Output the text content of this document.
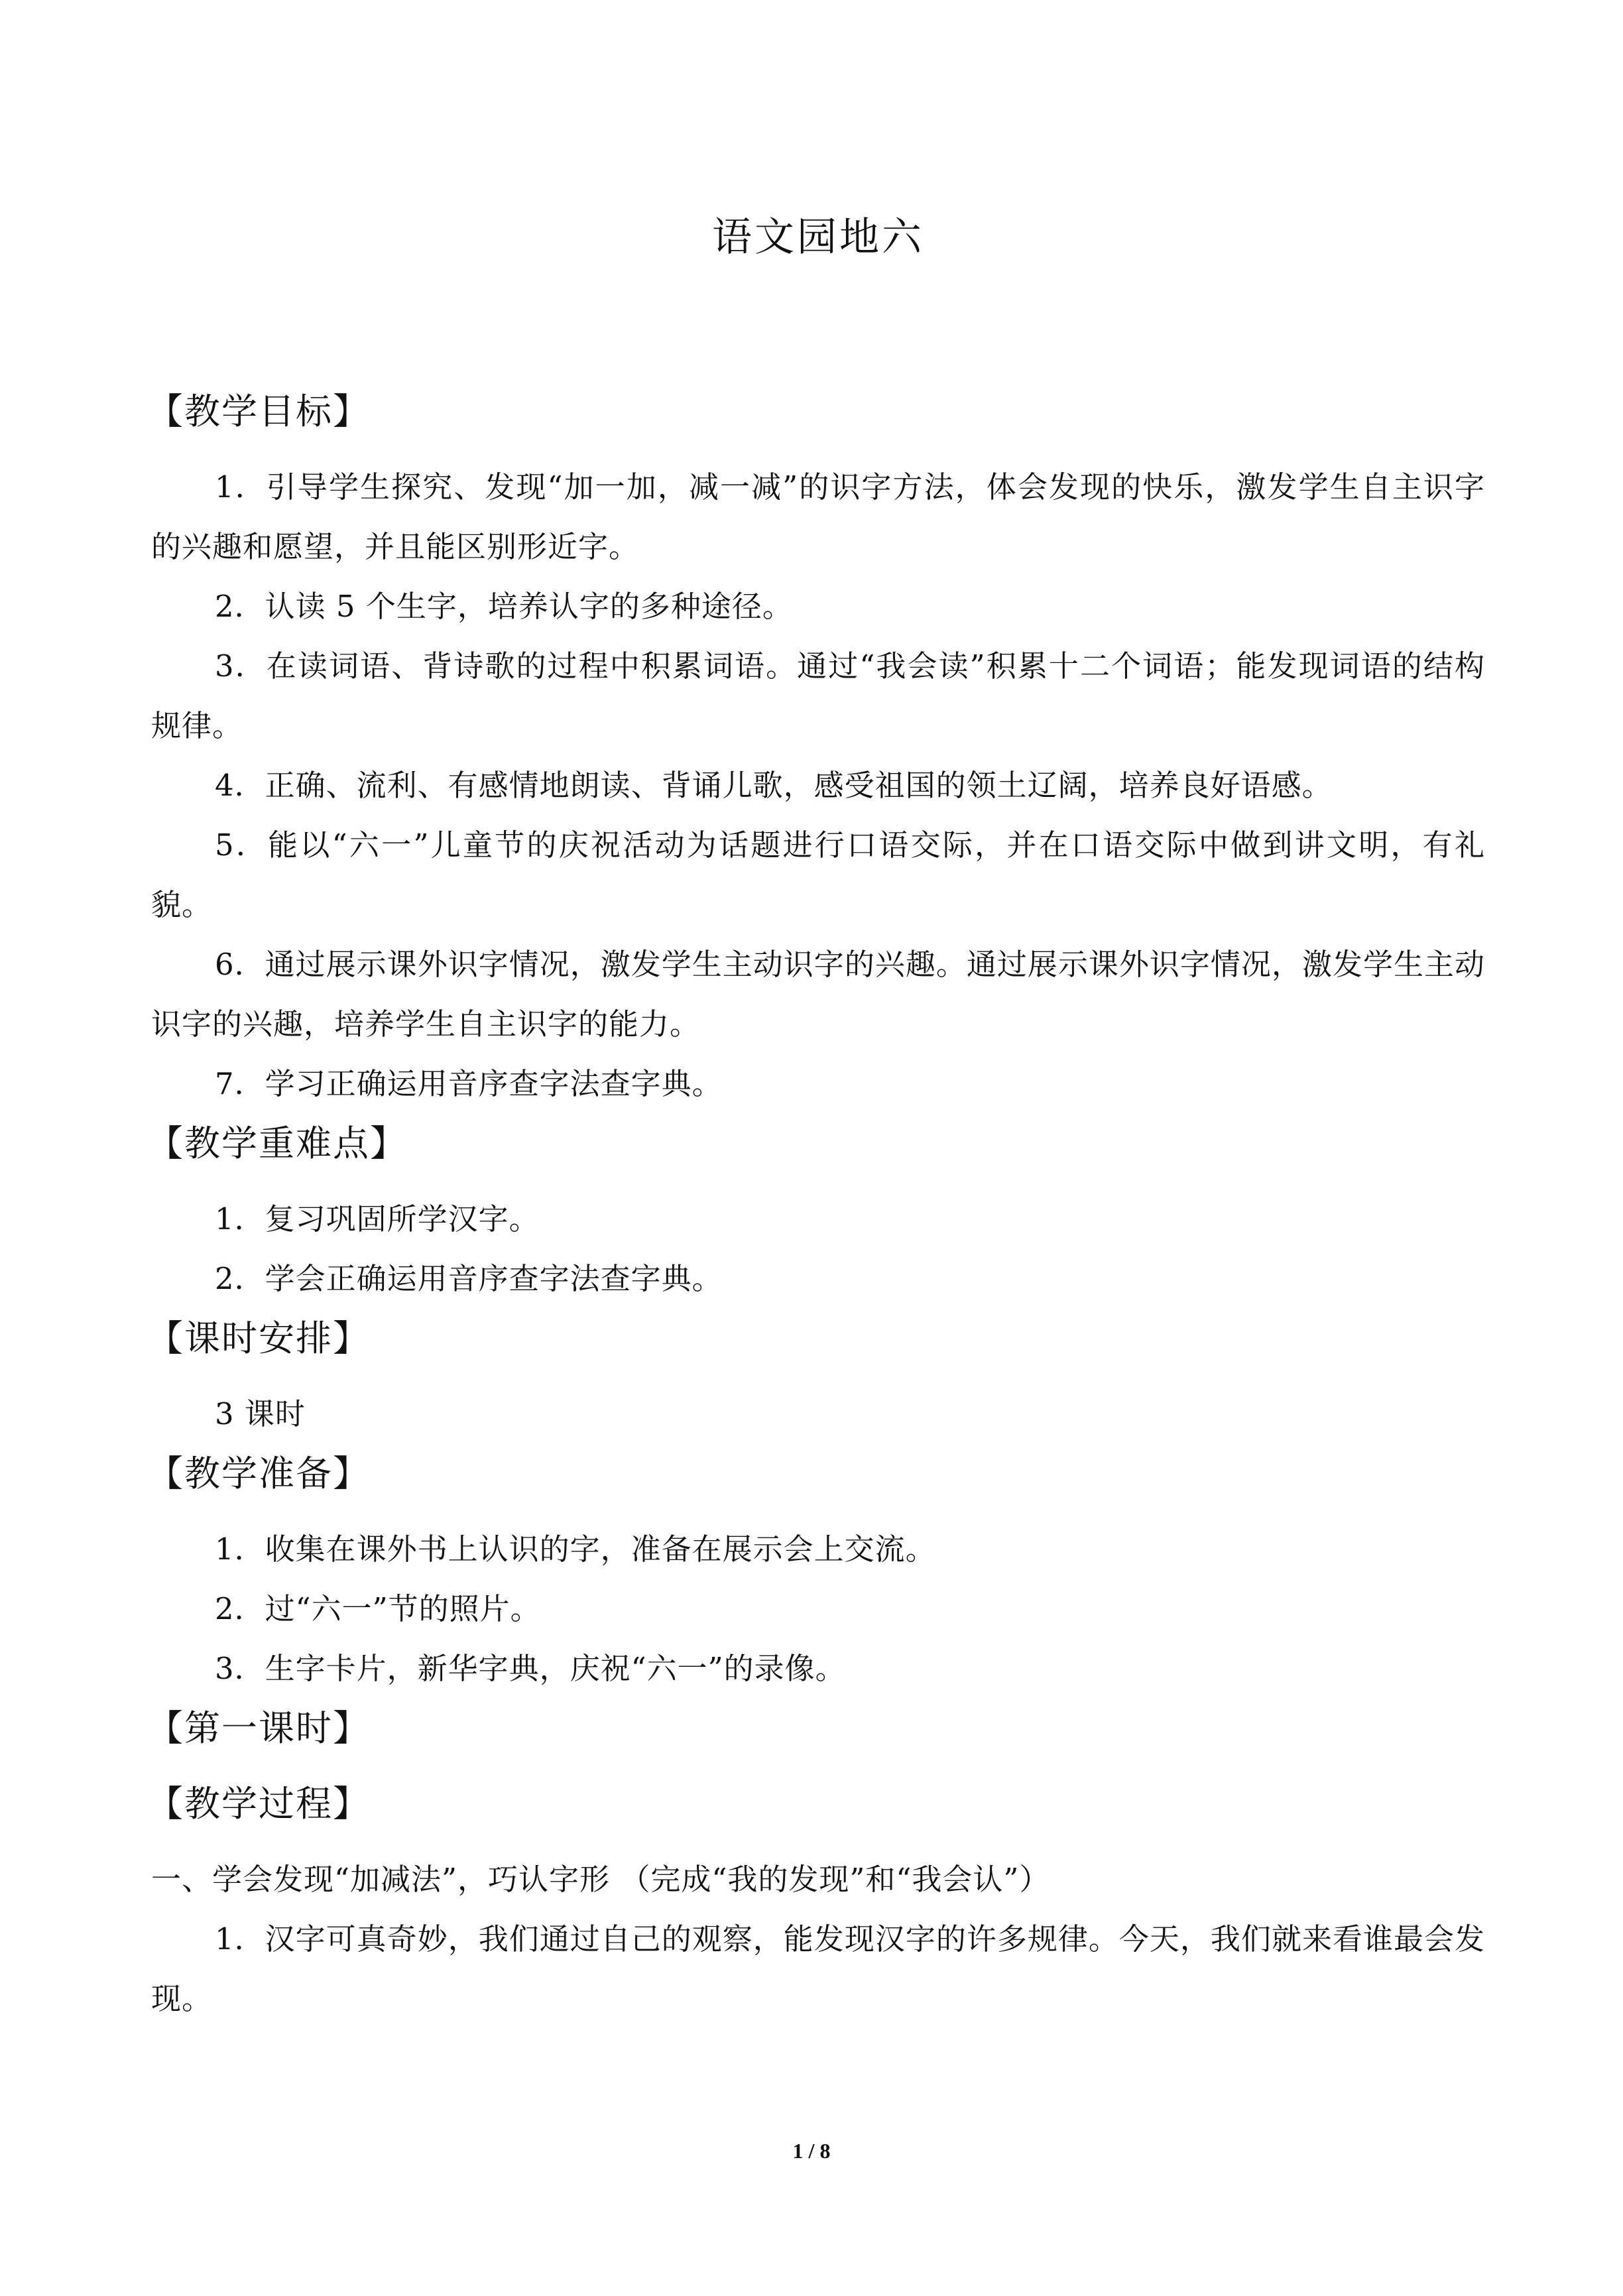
语文园地六
【教学目标】
1．引导学生探究、发现“加一加，减一减”的识字方法，体会发现的快乐，激发学生自主识字的兴趣和愿望，并且能区别形近字。
2．认读 5 个生字，培养认字的多种途径。
3．在读词语、背诗歌的过程中积累词语。通过“我会读”积累十二个词语；能发现词语的结构规律。
4．正确、流利、有感情地朗读、背诵儿歌，感受祖国的领土辽阔，培养良好语感。
5．能以“六一”儿童节的庆祝活动为话题进行口语交际，并在口语交际中做到讲文明，有礼貌。
6．通过展示课外识字情况，激发学生主动识字的兴趣。通过展示课外识字情况，激发学生主动识字的兴趣，培养学生自主识字的能力。
7．学习正确运用音序查字法查字典。
【教学重难点】
1．复习巩固所学汉字。
2．学会正确运用音序查字法查字典。
【课时安排】
3 课时
【教学准备】
1．收集在课外书上认识的字，准备在展示会上交流。
2．过“六一”节的照片。
3．生字卡片，新华字典，庆祝“六一”的录像。
【第一课时】
【教学过程】
一、学会发现“加减法”，巧认字形 （完成“我的发现”和“我会认”）
1．汉字可真奇妙，我们通过自己的观察，能发现汉字的许多规律。今天，我们就来看谁最会发现。
1 / 8
